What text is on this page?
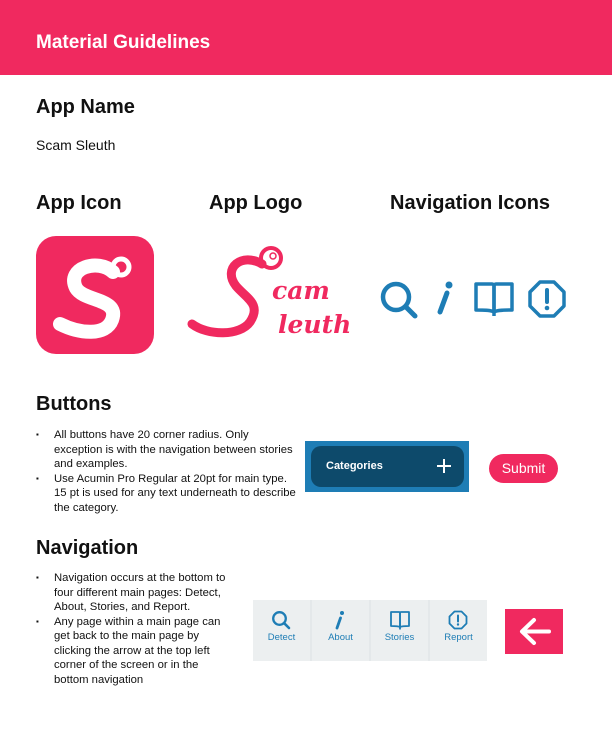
Material Guidelines
App Name
Scam Sleuth
App Icon	App Logo	Navigation Icons
cam
leuth
Buttons
▪ All buttons have 20 corner radius. Only exception is with the navigation between stories and examples.
▪ Use Acumin Pro Regular at 20pt for main type. 15 pt is used for any text underneath to describe the category.
Categories	Submit
Navigation
▪ Navigation occurs at the bottom to four different main pages: Detect, About, Stories, and Report.
▪ Any page within a main page can get back to the main page by clicking the arrow at the top left corner of the screen or in the bottom navigation
Detect	About	Stories	Report
